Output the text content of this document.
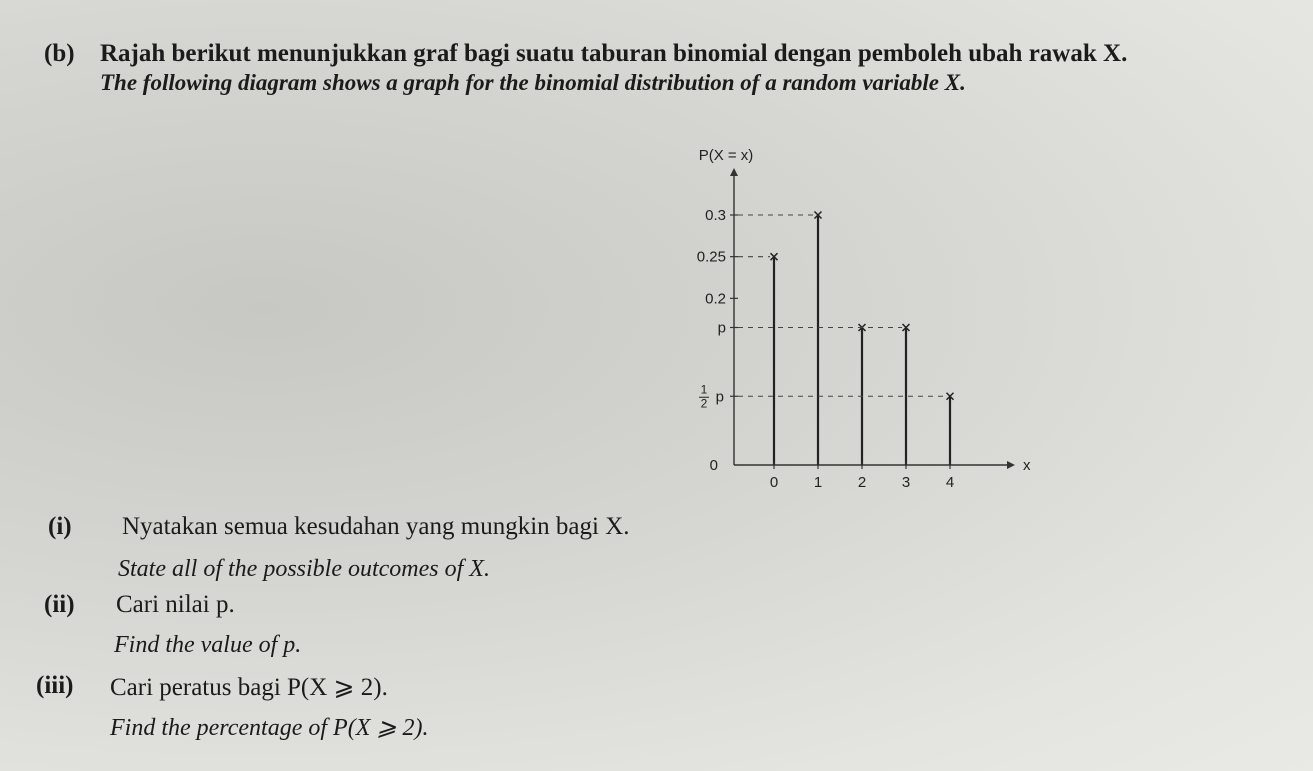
(b) Rajah berikut menunjukkan graf bagi suatu taburan binomial dengan pemboleh ubah rawak X.
The following diagram shows a graph for the binomial distribution of a random variable X.
P(X = x)
x
0
0.3
0.25
0.2
p
1
2 p
0 1 2 3 4
(i) Nyatakan semua kesudahan yang mungkin bagi X.
State all of the possible outcomes of X.
(ii) Cari nilai p.
Find the value of p.
(iii) Cari peratus bagi P(X ⩾ 2).
Find the percentage of P(X ⩾ 2).
